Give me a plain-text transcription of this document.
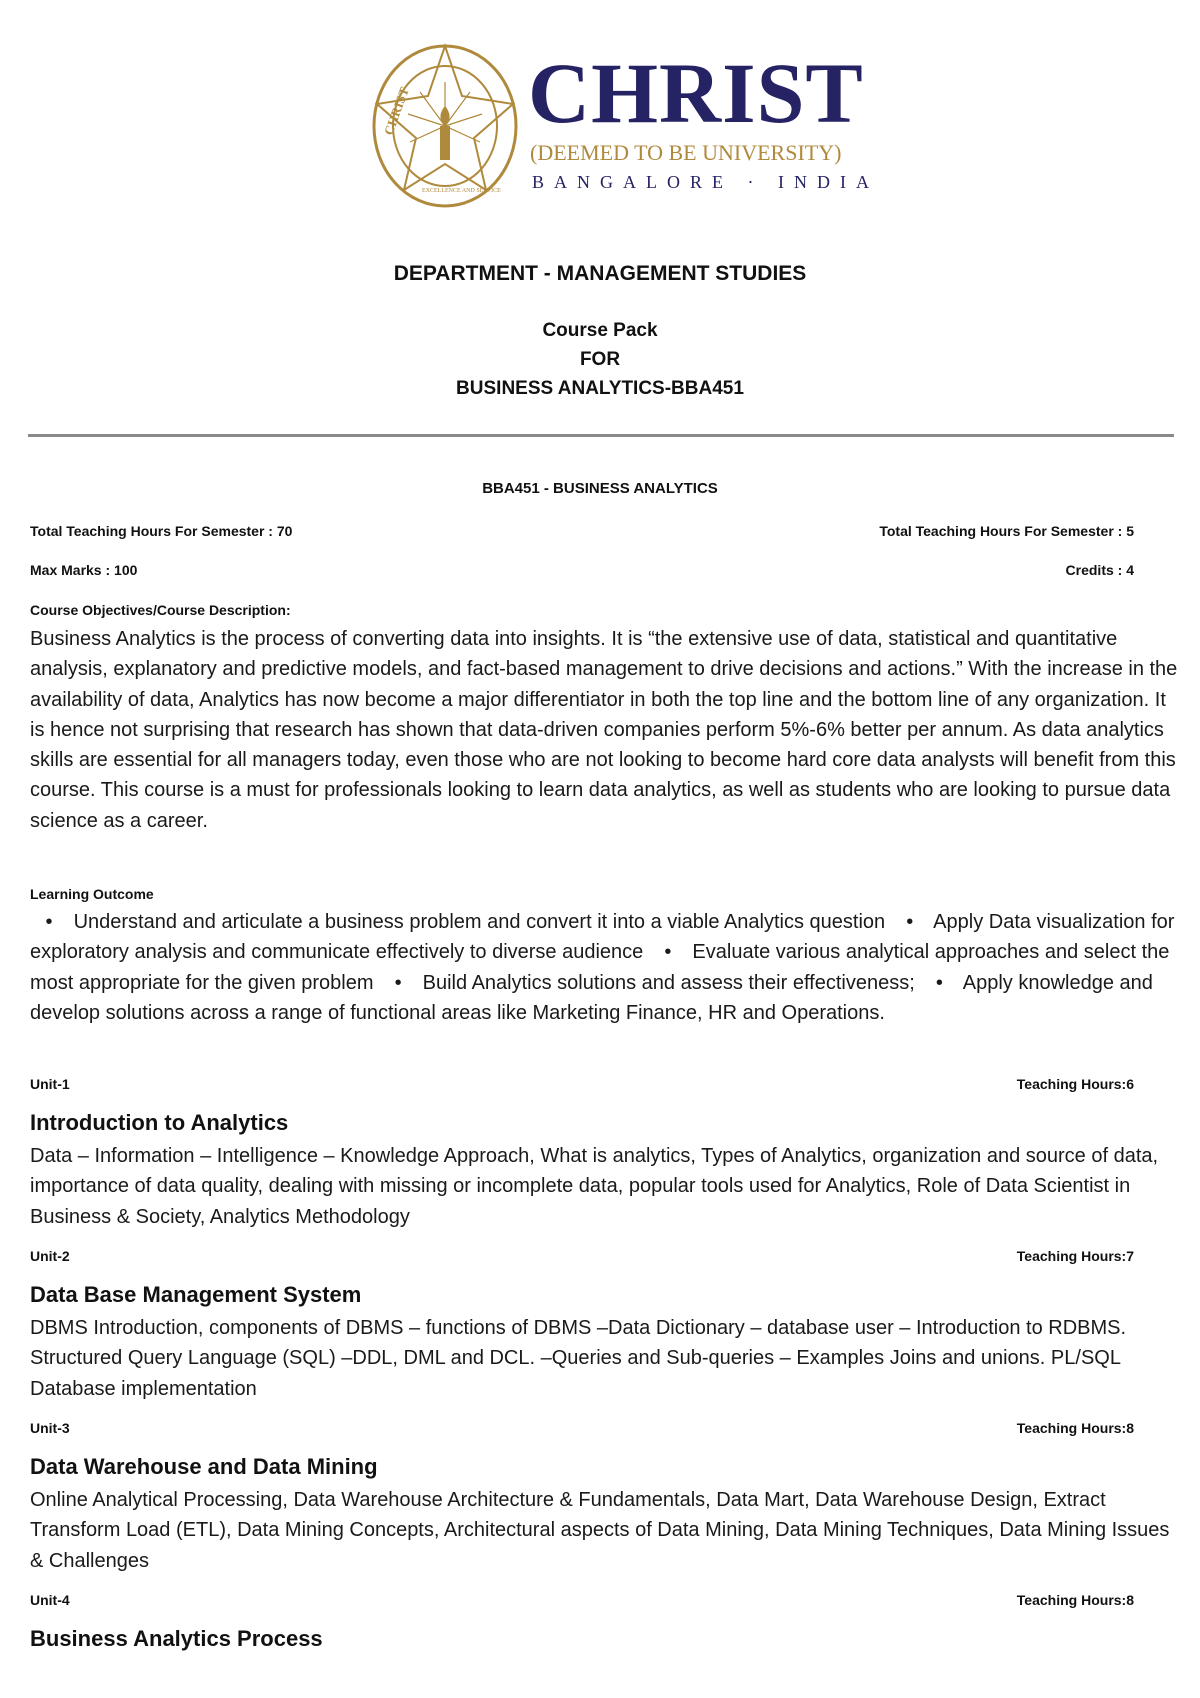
CHRIST
EXCELLENCE AND SERVICE
CHRIST
(DEEMED TO BE UNIVERSITY)
BANGALORE · INDIA
DEPARTMENT - MANAGEMENT STUDIES
Course Pack
FOR
BUSINESS ANALYTICS-BBA451
BBA451 - BUSINESS ANALYTICS
Total Teaching Hours For Semester : 70	Total Teaching Hours For Semester : 5
Max Marks : 100	Credits : 4
Course Objectives/Course Description:
Business Analytics is the process of converting data into insights. It is “the extensive use of data, statistical and quantitative analysis, explanatory and predictive models, and fact-based management to drive decisions and actions.” With the increase in the availability of data, Analytics has now become a major differentiator in both the top line and the bottom line of any organization. It is hence not surprising that research has shown that data-driven companies perform 5%-6% better per annum. As data analytics skills are essential for all managers today, even those who are not looking to become hard core data analysts will benefit from this course. This course is a must for professionals looking to learn data analytics, as well as students who are looking to pursue data science as a career.
Learning Outcome
• Understand and articulate a business problem and convert it into a viable Analytics question • Apply Data visualization for exploratory analysis and communicate effectively to diverse audience • Evaluate various analytical approaches and select the most appropriate for the given problem • Build Analytics solutions and assess their effectiveness; • Apply knowledge and develop solutions across a range of functional areas like Marketing Finance, HR and Operations.
Unit-1	Teaching Hours:6
Introduction to Analytics
Data – Information – Intelligence – Knowledge Approach, What is analytics, Types of Analytics, organization and source of data, importance of data quality, dealing with missing or incomplete data, popular tools used for Analytics, Role of Data Scientist in Business & Society, Analytics Methodology
Unit-2	Teaching Hours:7
Data Base Management System
DBMS Introduction, components of DBMS – functions of DBMS –Data Dictionary – database user – Introduction to RDBMS. Structured Query Language (SQL) –DDL, DML and DCL. –Queries and Sub-queries – Examples Joins and unions. PL/SQL Database implementation
Unit-3	Teaching Hours:8
Data Warehouse and Data Mining
Online Analytical Processing, Data Warehouse Architecture & Fundamentals, Data Mart, Data Warehouse Design, Extract Transform Load (ETL), Data Mining Concepts, Architectural aspects of Data Mining, Data Mining Techniques, Data Mining Issues & Challenges
Unit-4	Teaching Hours:8
Business Analytics Process
